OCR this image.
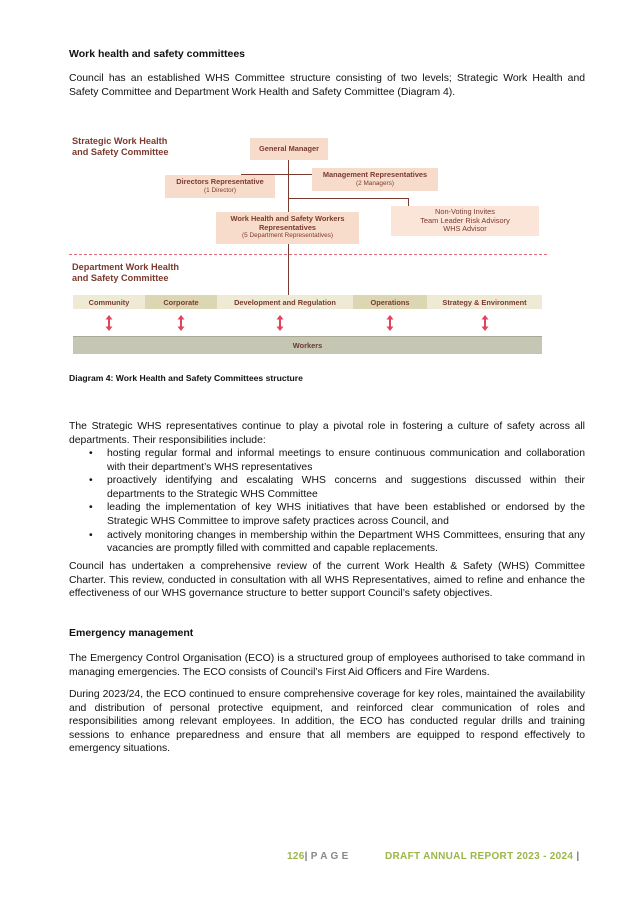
Work health and safety committees

Council has an established WHS Committee structure consisting of two levels; Strategic Work Health and Safety Committee and Department Work Health and Safety Committee (Diagram 4).

Strategic Work Health
and Safety Committee	General Manager
Directors Representative
(1 Director)
Management Representatives
(2 Managers)
Non-Voting Invites
Team Leader Risk Advisory
WHS Advisor
Work Health and Safety Workers
Representatives
(5 Department Representatives)
Department Work Health
and Safety Committee
Community	Corporate	Development and Regulation	Operations	Strategy & Environment
Workers
Diagram 4: Work Health and Safety Committees structure

The Strategic WHS representatives continue to play a pivotal role in fostering a culture of safety across all departments. Their responsibilities include:

• hosting regular formal and informal meetings to ensure continuous communication and collaboration with their department’s WHS representatives
• proactively identifying and escalating WHS concerns and suggestions discussed within their departments to the Strategic WHS Committee
• leading the implementation of key WHS initiatives that have been established or endorsed by the Strategic WHS Committee to improve safety practices across Council, and
• actively monitoring changes in membership within the Department WHS Committees, ensuring that any vacancies are promptly filled with committed and capable replacements.

Council has undertaken a comprehensive review of the current Work Health & Safety (WHS) Committee Charter. This review, conducted in consultation with all WHS Representatives, aimed to refine and enhance the effectiveness of our WHS governance structure to better support Council’s safety objectives.

Emergency management

The Emergency Control Organisation (ECO) is a structured group of employees authorised to take command in managing emergencies. The ECO consists of Council’s First Aid Officers and Fire Wardens.

During 2023/24, the ECO continued to ensure comprehensive coverage for key roles, maintained the availability and distribution of personal protective equipment, and reinforced clear communication of roles and responsibilities among relevant employees. In addition, the ECO has conducted regular drills and training sessions to enhance preparedness and ensure that all members are equipped to respond effectively to emergency situations.

126| P A G E	DRAFT ANNUAL REPORT 2023 - 2024 |
